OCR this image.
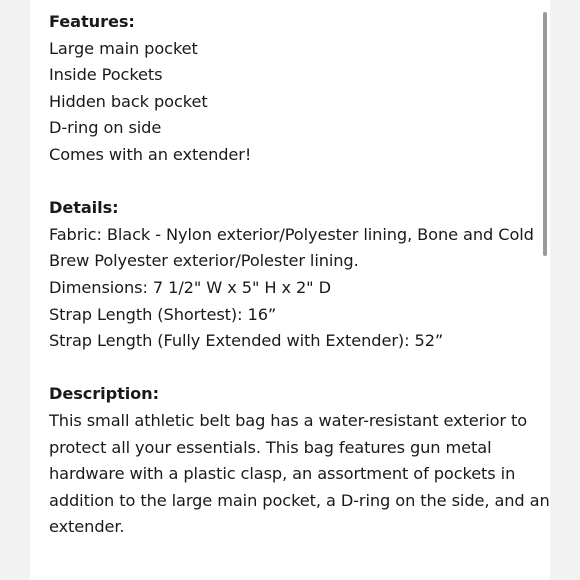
Features:
Large main pocket
Inside Pockets
Hidden back pocket
D-ring on side
Comes with an extender!
Details:
Fabric: Black - Nylon exterior/Polyester lining, Bone and Cold
Brew Polyester exterior/Polester lining.
Dimensions: 7 1/2" W x 5" H x 2" D
Strap Length (Shortest): 16”
Strap Length (Fully Extended with Extender): 52”
Description:
This small athletic belt bag has a water-resistant exterior to
protect all your essentials. This bag features gun metal
hardware with a plastic clasp, an assortment of pockets in
addition to the large main pocket, a D-ring on the side, and an
extender.
